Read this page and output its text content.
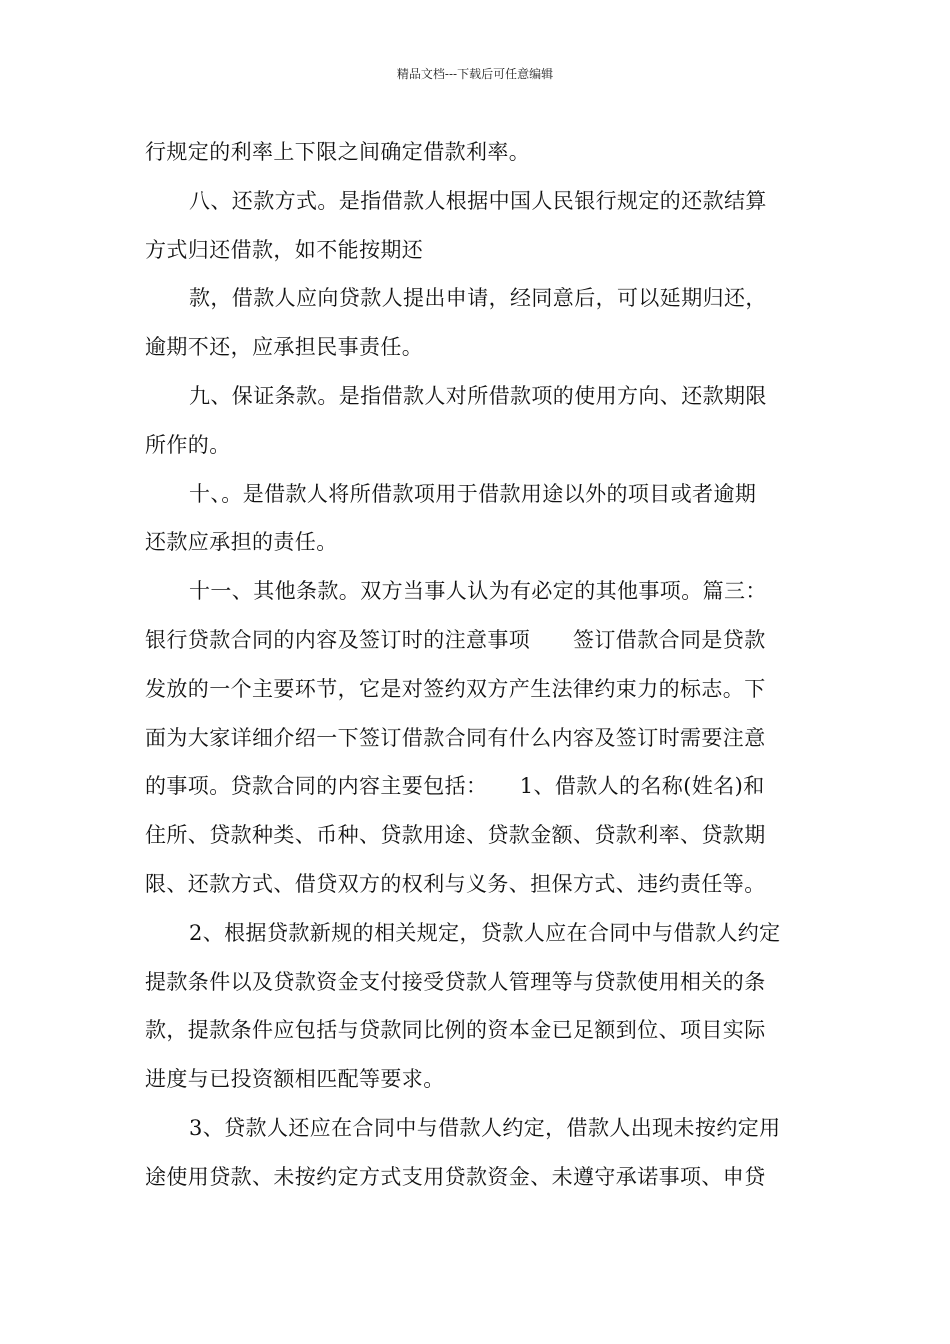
精品文档---下载后可任意编辑
行规定的利率上下限之间确定借款利率。
八、还款方式。是指借款人根据中国人民银行规定的还款结算
方式归还借款，如不能按期还
款，借款人应向贷款人提出申请，经同意后，可以延期归还，
逾期不还，应承担民事责任。
九、保证条款。是指借款人对所借款项的使用方向、还款期限
所作的。
十、。是借款人将所借款项用于借款用途以外的项目或者逾期
还款应承担的责任。
十一、其他条款。双方当事人认为有必定的其他事项。篇三：
银行贷款合同的内容及签订时的注意事项　　签订借款合同是贷款
发放的一个主要环节，它是对签约双方产生法律约束力的标志。下
面为大家详细介绍一下签订借款合同有什么内容及签订时需要注意
的事项。贷款合同的内容主要包括：　　1、借款人的名称(姓名)和
住所、贷款种类、币种、贷款用途、贷款金额、贷款利率、贷款期
限、还款方式、借贷双方的权利与义务、担保方式、违约责任等。
2、根据贷款新规的相关规定，贷款人应在合同中与借款人约定
提款条件以及贷款资金支付接受贷款人管理等与贷款使用相关的条
款，提款条件应包括与贷款同比例的资本金已足额到位、项目实际
进度与已投资额相匹配等要求。
3、贷款人还应在合同中与借款人约定，借款人出现未按约定用
途使用贷款、未按约定方式支用贷款资金、未遵守承诺事项、申贷
